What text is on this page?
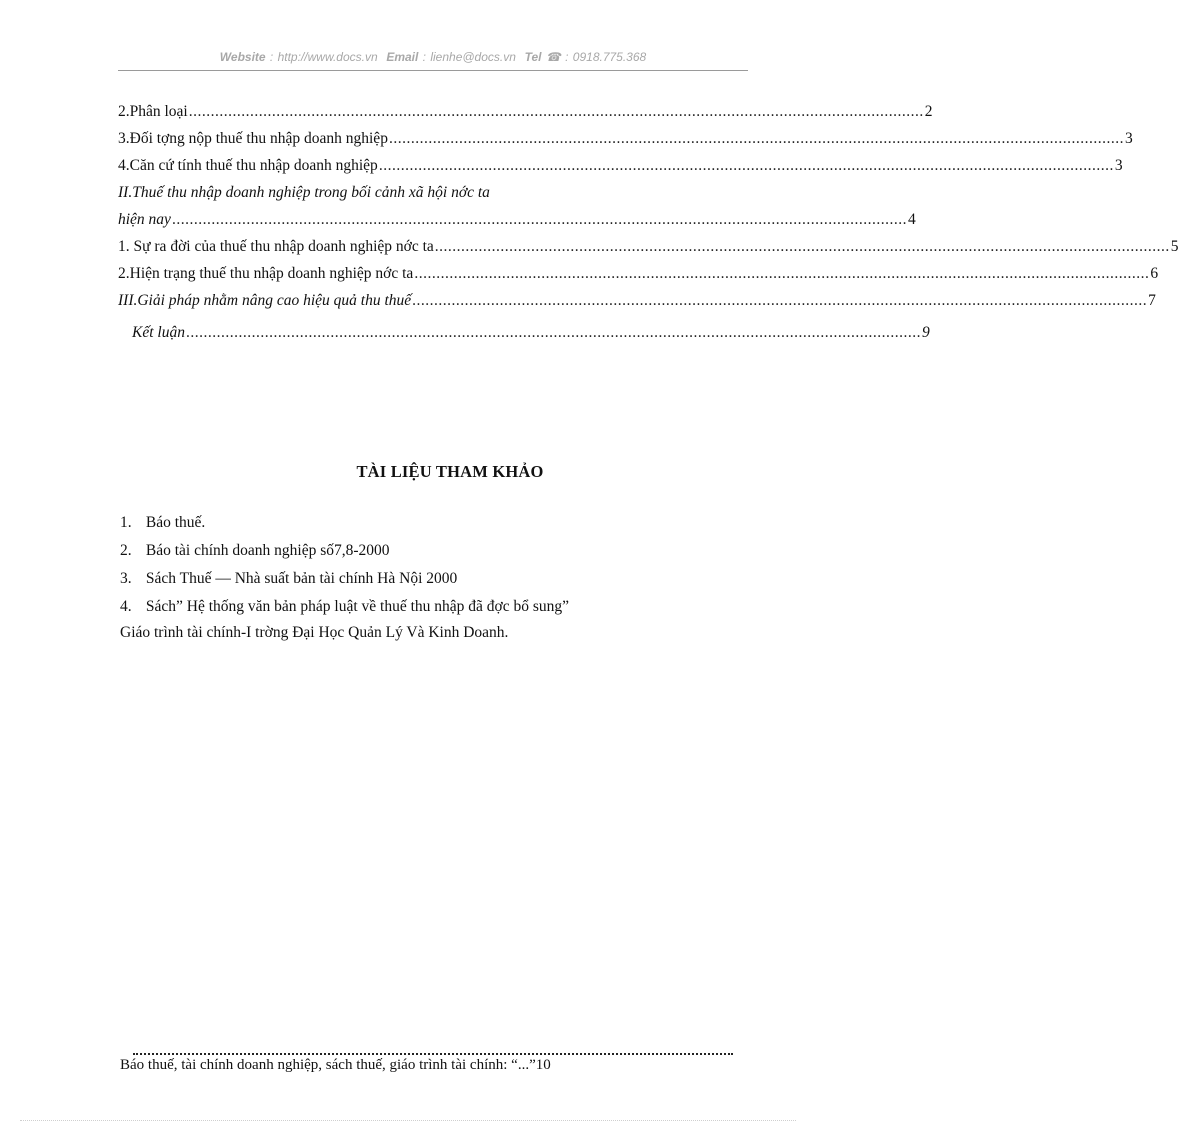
Website : http://www.docs.vn Email : lienhe@docs.vn Tel ☎ : 0918.775.368
2.Phân loại ........................................................................................................................................................................ 2
3.Đối tợng nộp thuế thu nhập doanh nghiệp ........................................................................................................................................................................ 3
4.Căn cứ tính thuế thu nhập doanh nghiệp ........................................................................................................................................................................ 3
II.Thuế thu nhập doanh nghiệp trong bối cảnh xã hội nớc ta
hiện nay ........................................................................................................................................................................ 4
1. Sự ra đời của thuế thu nhập doanh nghiệp nớc ta ........................................................................................................................................................................ 5
2.Hiện trạng thuế thu nhập doanh nghiệp nớc ta ........................................................................................................................................................................ 6
III.Giải pháp nhằm nâng cao hiệu quả thu thuế ........................................................................................................................................................................ 7
Kết luận ........................................................................................................................................................................ 9
TÀI LIỆU THAM KHẢO
1. Báo thuế.
2. Báo tài chính doanh nghiệp số7,8-2000
3. Sách Thuế — Nhà suất bản tài chính Hà Nội 2000
4. Sách” Hệ thống văn bản pháp luật về thuế thu nhập đã đợc bổ sung”
Giáo trình tài chính-I trờng Đại Học Quản Lý Và Kinh Doanh.
Báo thuế, tài chính doanh nghiệp, sách thuế, giáo trình tài chính: “...”10
